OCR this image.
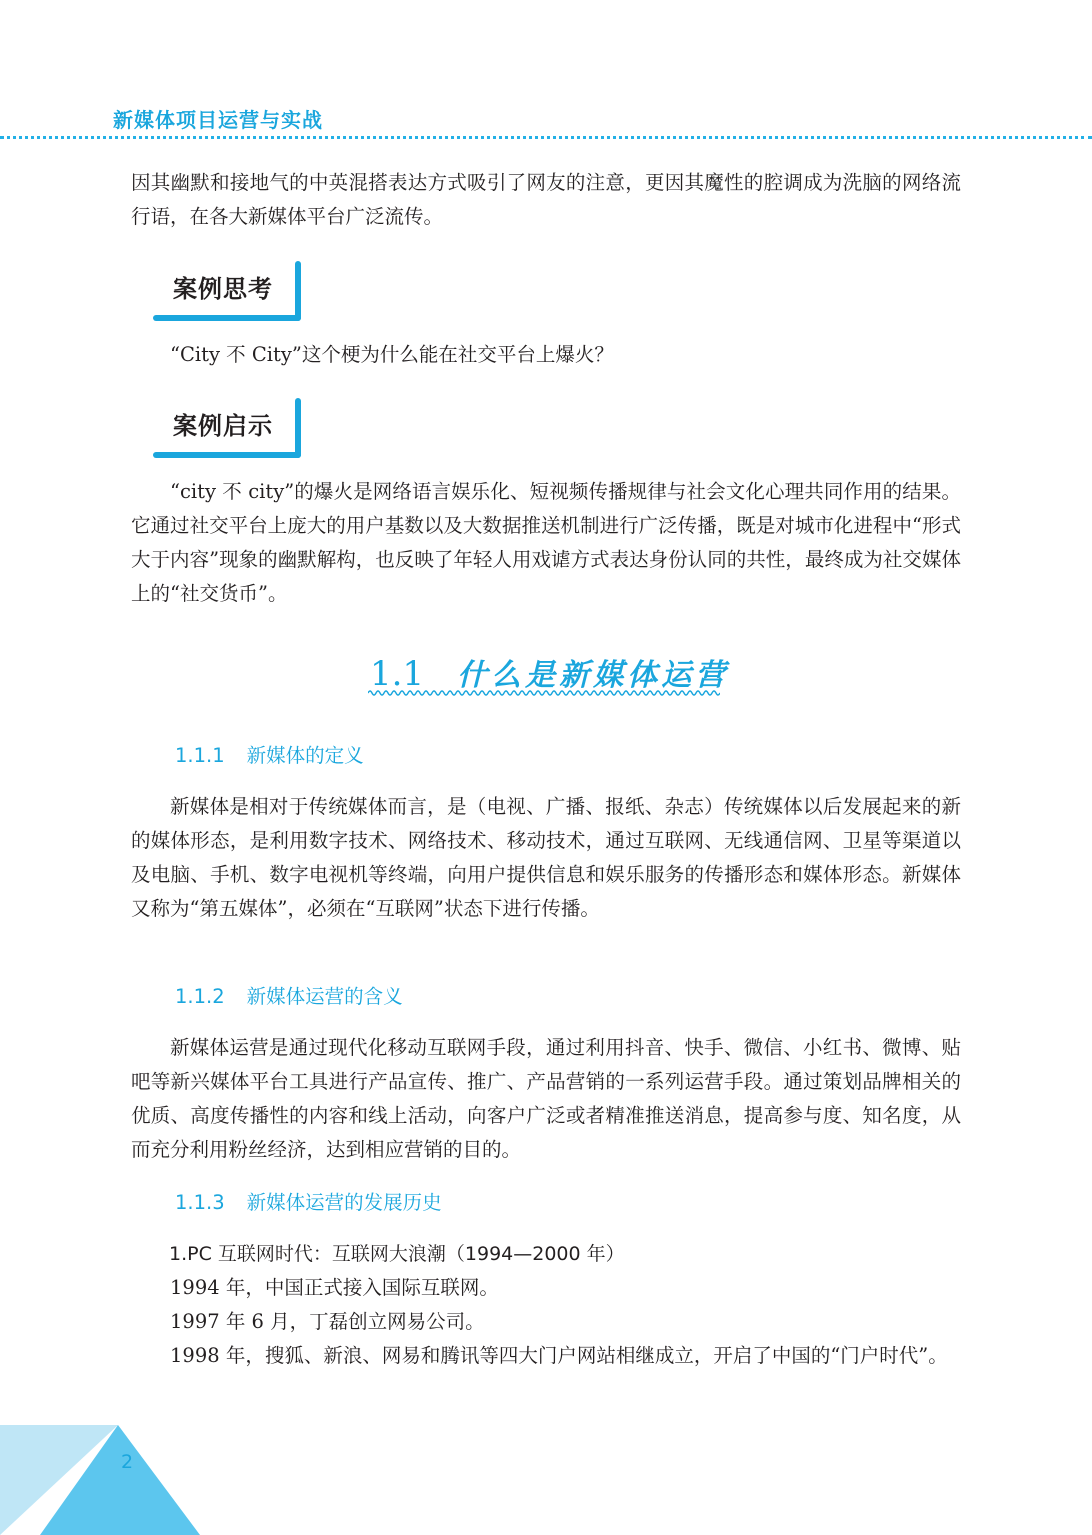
新媒体项目运营与实战

因其幽默和接地气的中英混搭表达方式吸引了网友的注意，更因其魔性的腔调成为洗脑的网络流行语，在各大新媒体平台广泛流传。

案例思考

“City 不 City”这个梗为什么能在社交平台上爆火？

案例启示

“city 不 city”的爆火是网络语言娱乐化、短视频传播规律与社会文化心理共同作用的结果。它通过社交平台上庞大的用户基数以及大数据推送机制进行广泛传播，既是对城市化进程中“形式大于内容”现象的幽默解构，也反映了年轻人用戏谑方式表达身份认同的共性，最终成为社交媒体上的“社交货币”。

1.1 什么是新媒体运营
1.1.1 新媒体的定义

新媒体是相对于传统媒体而言，是（电视、广播、报纸、杂志）传统媒体以后发展起来的新的媒体形态，是利用数字技术、网络技术、移动技术，通过互联网、无线通信网、卫星等渠道以及电脑、手机、数字电视机等终端，向用户提供信息和娱乐服务的传播形态和媒体形态。新媒体又称为“第五媒体”，必须在“互联网”状态下进行传播。

1.1.2 新媒体运营的含义

新媒体运营是通过现代化移动互联网手段，通过利用抖音、快手、微信、小红书、微博、贴吧等新兴媒体平台工具进行产品宣传、推广、产品营销的一系列运营手段。通过策划品牌相关的优质、高度传播性的内容和线上活动，向客户广泛或者精准推送消息，提高参与度、知名度，从而充分利用粉丝经济，达到相应营销的目的。

1.1.3 新媒体运营的发展历史

1.PC 互联网时代：互联网大浪潮（1994—2000 年）

1994 年，中国正式接入国际互联网。

1997 年 6 月，丁磊创立网易公司。

1998 年，搜狐、新浪、网易和腾讯等四大门户网站相继成立，开启了中国的“门户时代”。

2
